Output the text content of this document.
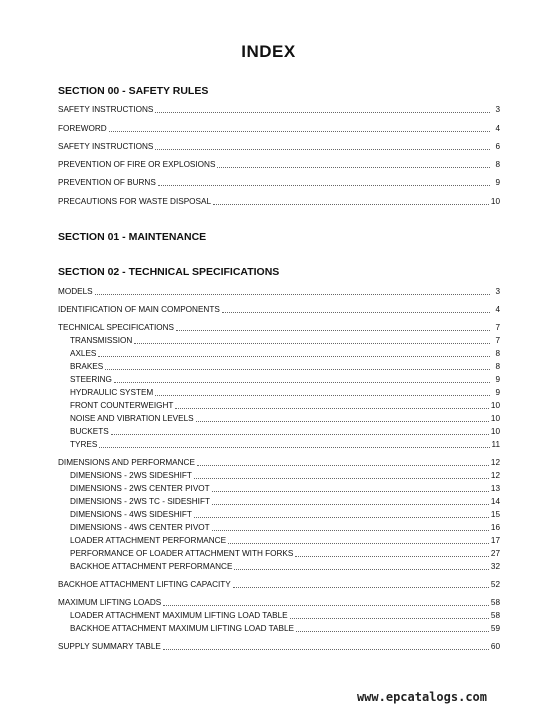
INDEX
SECTION 00 - SAFETY RULES
SAFETY INSTRUCTIONS	3
FOREWORD	4
SAFETY INSTRUCTIONS	6
PREVENTION OF FIRE OR EXPLOSIONS	8
PREVENTION OF BURNS	9
PRECAUTIONS FOR WASTE DISPOSAL	10
SECTION 01 - MAINTENANCE
SECTION 02 - TECHNICAL SPECIFICATIONS
MODELS	3
IDENTIFICATION OF MAIN COMPONENTS	4
TECHNICAL SPECIFICATIONS	7
TRANSMISSION	7
AXLES	8
BRAKES	8
STEERING	9
HYDRAULIC SYSTEM	9
FRONT COUNTERWEIGHT	10
NOISE AND VIBRATION LEVELS	10
BUCKETS	10
TYRES	11
DIMENSIONS AND PERFORMANCE	12
DIMENSIONS - 2WS SIDESHIFT	12
DIMENSIONS - 2WS CENTER PIVOT	13
DIMENSIONS - 2WS TC - SIDESHIFT	14
DIMENSIONS - 4WS SIDESHIFT	15
DIMENSIONS - 4WS CENTER PIVOT	16
LOADER ATTACHMENT PERFORMANCE	17
PERFORMANCE OF LOADER ATTACHMENT WITH FORKS	27
BACKHOE ATTACHMENT PERFORMANCE	32
BACKHOE ATTACHMENT LIFTING CAPACITY	52
MAXIMUM LIFTING LOADS	58
LOADER ATTACHMENT MAXIMUM LIFTING LOAD TABLE	58
BACKHOE ATTACHMENT MAXIMUM LIFTING LOAD TABLE	59
SUPPLY SUMMARY TABLE	60
www.epcatalogs.com
